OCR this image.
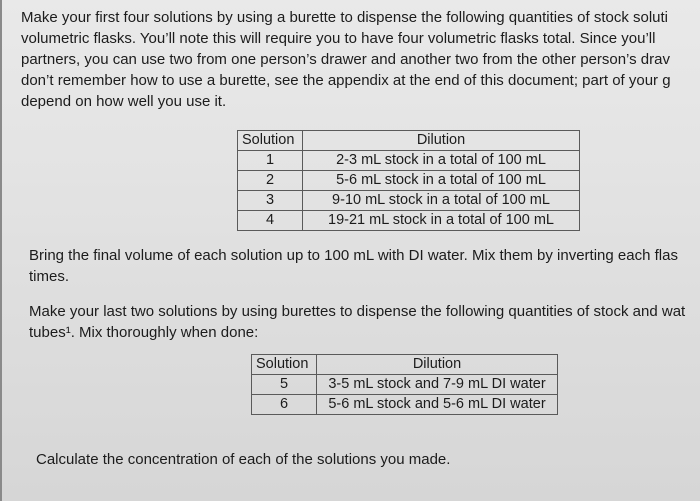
Make your first four solutions by using a burette to dispense the following quantities of stock soluti
volumetric flasks. You’ll note this will require you to have four volumetric flasks total. Since you’ll
partners, you can use two from one person’s drawer and another two from the other person’s drav
don’t remember how to use a burette, see the appendix at the end of this document; part of your g
depend on how well you use it.

Solution	Dilution
1	2-3 mL stock in a total of 100 mL
2	5-6 mL stock in a total of 100 mL
3	9-10 mL stock in a total of 100 mL
4	19-21 mL stock in a total of 100 mL

Bring the final volume of each solution up to 100 mL with DI water. Mix them by inverting each flas
times.

Make your last two solutions by using burettes to dispense the following quantities of stock and wat
tubes¹. Mix thoroughly when done:

Solution	Dilution
5	3-5 mL stock and 7-9 mL DI water
6	5-6 mL stock and 5-6 mL DI water

Calculate the concentration of each of the solutions you made.
